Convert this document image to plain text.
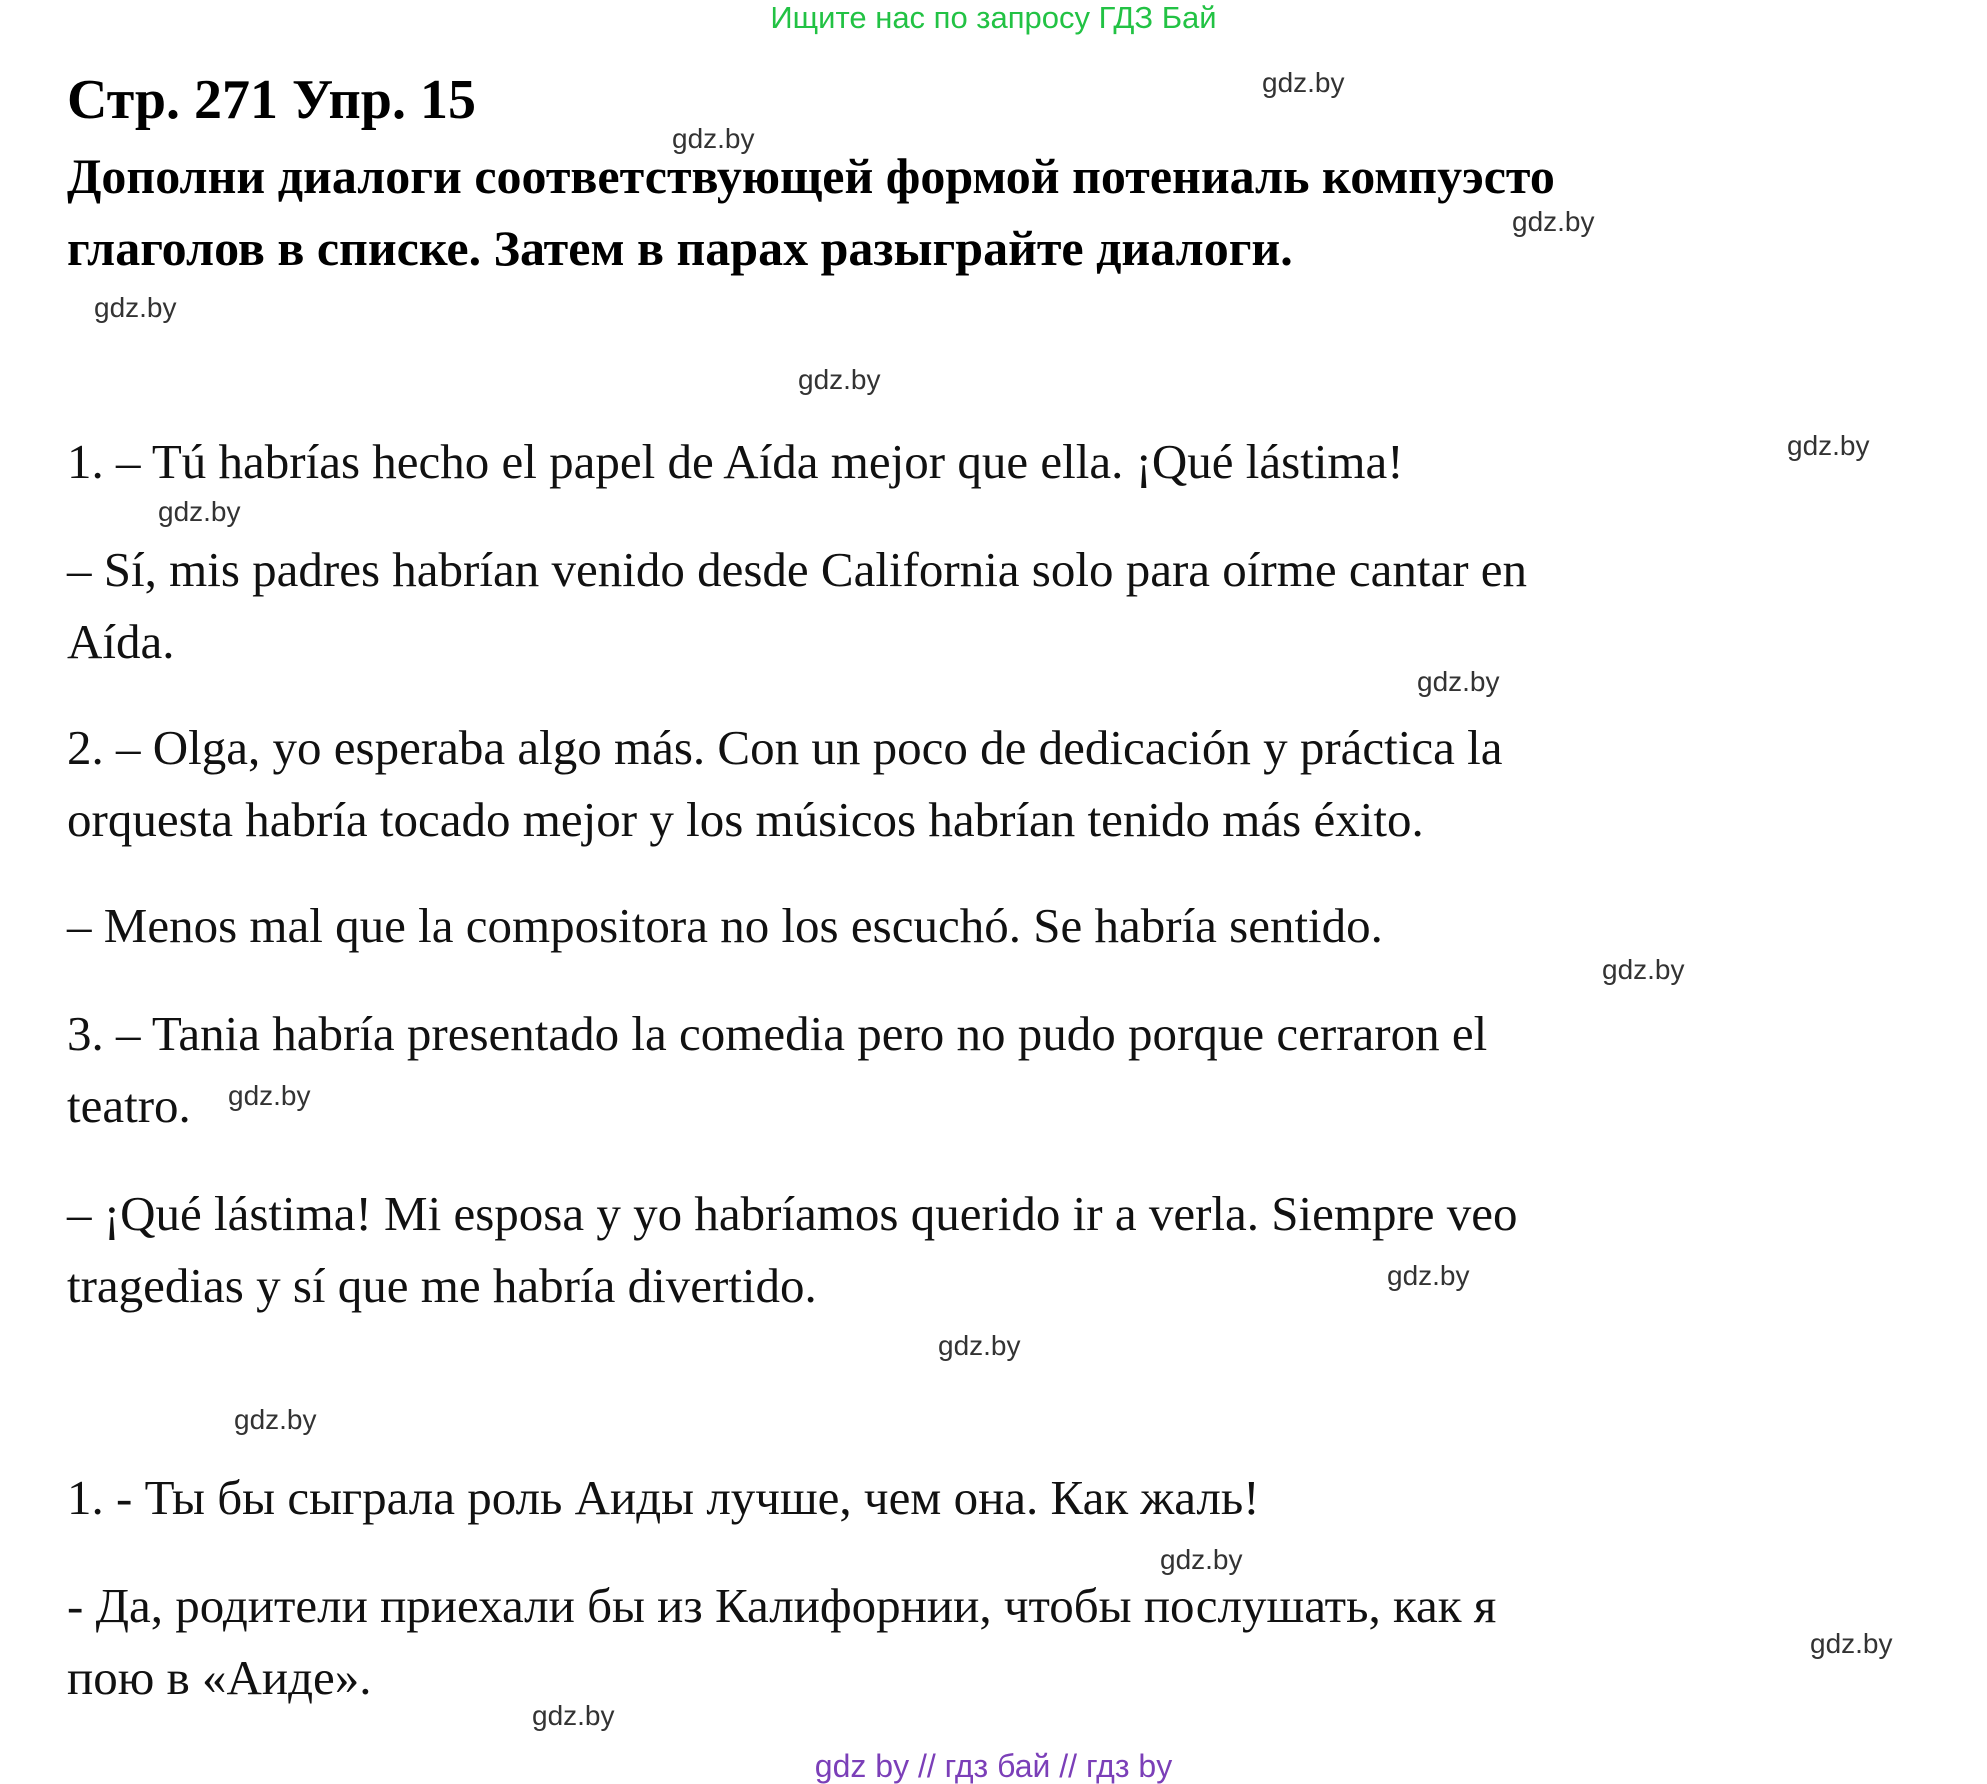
Ищите нас по запросу ГДЗ Бай
Стр. 271 Упр. 15
Дополни диалоги соответствующей формой потениаль компуэсто
глаголов в списке. Затем в парах разыграйте диалоги.
1. – Tú habrías hecho el papel de Aída mejor que ella. ¡Qué lástima!
– Sí, mis padres habrían venido desde California solo para oírme cantar en
Aída.
2. – Olga, yo esperaba algo más. Con un poco de dedicación y práctica la
orquesta habría tocado mejor y los músicos habrían tenido más éxito.
– Menos mal que la compositora no los escuchó. Se habría sentido.
3. – Tania habría presentado la comedia pero no pudo porque cerraron el
teatro.
– ¡Qué lástima! Mi esposa y yo habríamos querido ir a verla. Siempre veo
tragedias y sí que me habría divertido.
1. - Ты бы сыграла роль Аиды лучше, чем она. Как жаль!
- Да, родители приехали бы из Калифорнии, чтобы послушать, как я
пою в «Аиде».
gdz.by
gdz.by
gdz.by
gdz.by
gdz.by
gdz.by
gdz.by
gdz.by
gdz.by
gdz.by
gdz.by
gdz.by
gdz.by
gdz.by
gdz.by
gdz.by
gdz by // гдз бай // гдз by
